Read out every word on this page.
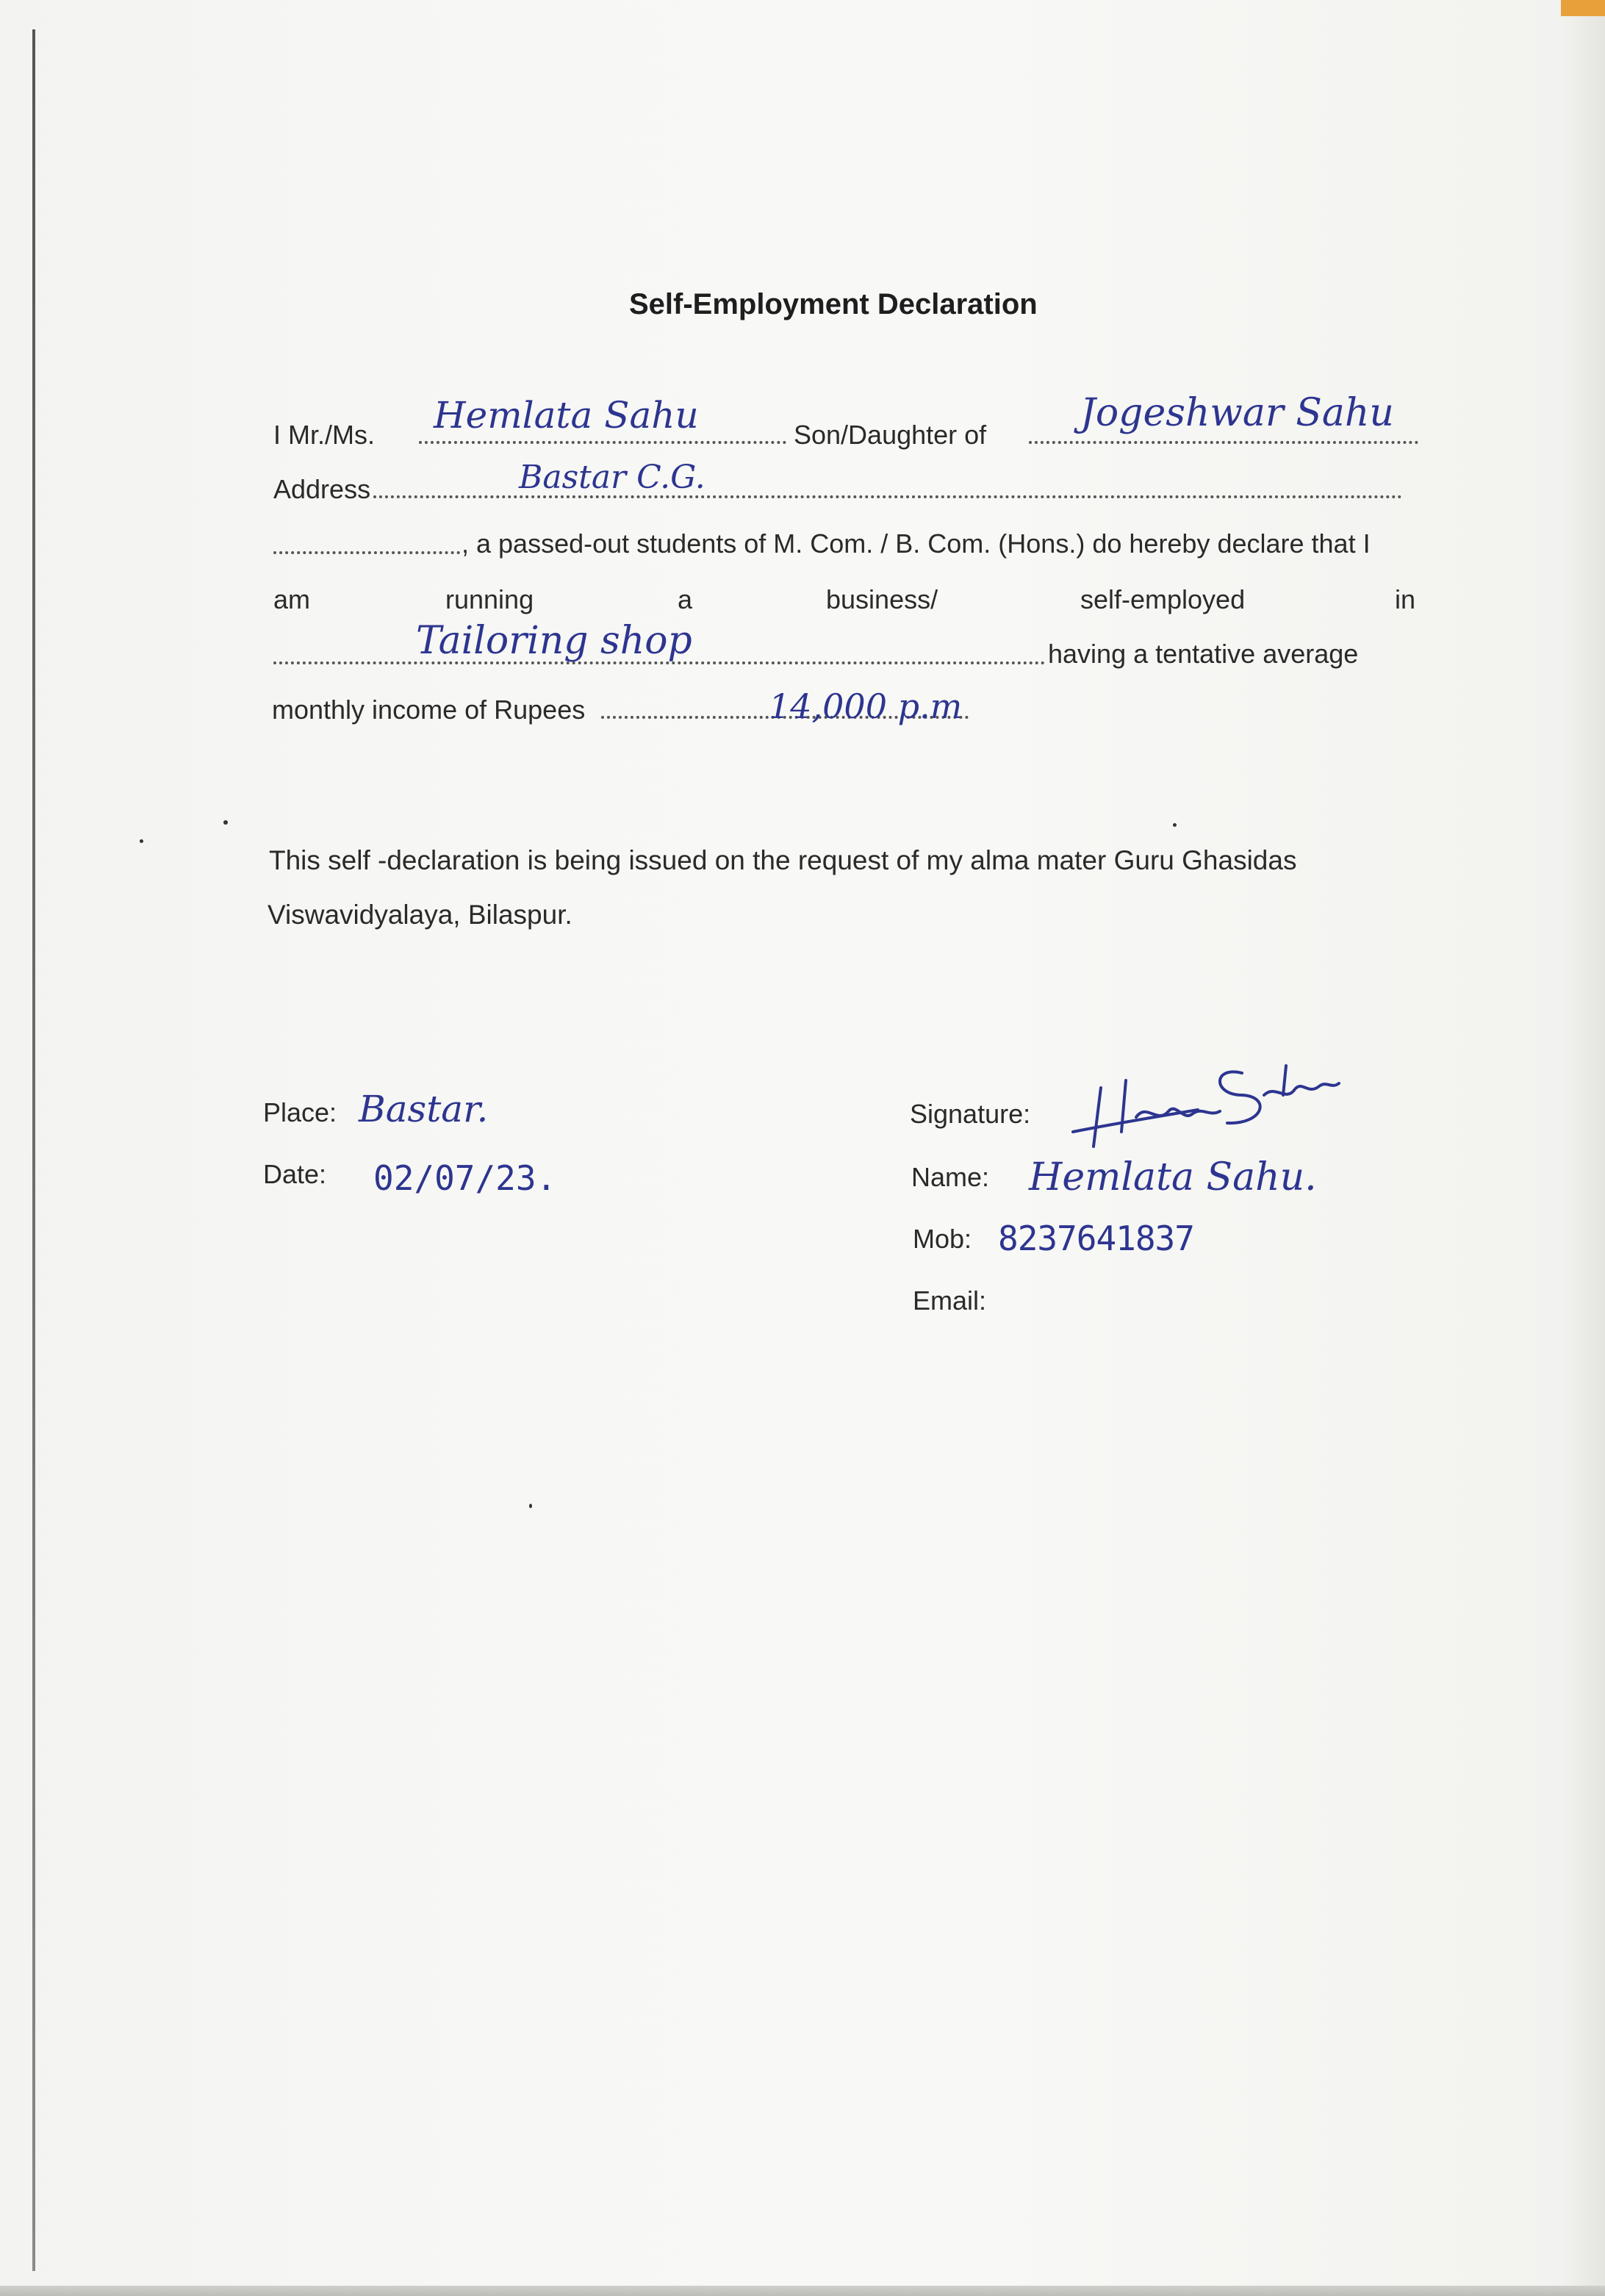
Self-Employment Declaration
I Mr./Ms. Hemlata Sahu	Son/Daughter of Jogeshwar Sahu
Address	Bastar C.G.
, a passed-out students of M. Com. / B. Com. (Hons.) do hereby declare that I
am	running	a	business/	self-employed	in
Tailoring shop	having a tentative average
monthly income of Rupees	14,000 p.m
This self -declaration is being issued on the request of my alma mater Guru Ghasidas
Viswavidyalaya, Bilaspur.
Place: Bastar.
Date: 02/07/23.
Signature:
Name: Hemlata Sahu.
Mob: 8237641837
Email:
